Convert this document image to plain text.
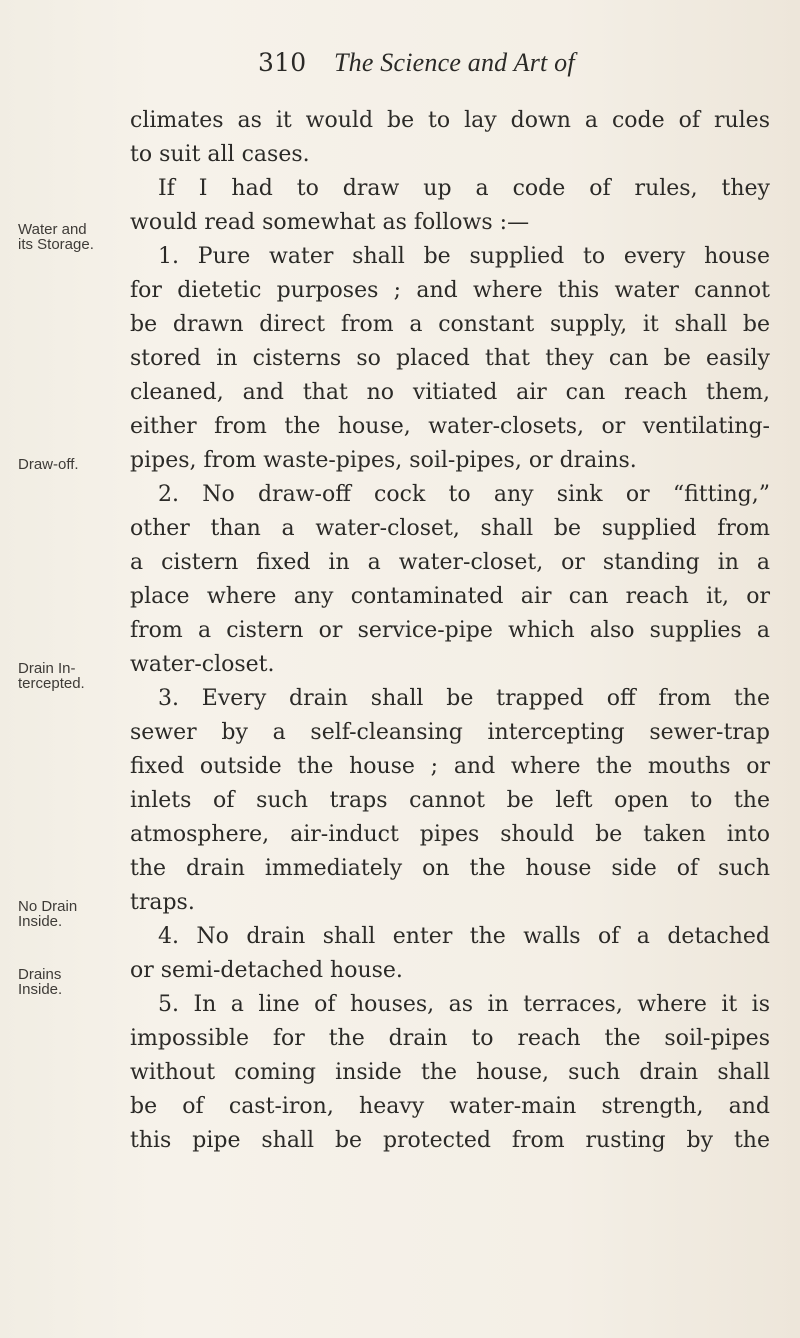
310 The Science and Art of
climates as it would be to lay down a code of rules
to suit all cases.
If I had to draw up a code of rules, they
would read somewhat as follows :—
1. Pure water shall be supplied to every house
for dietetic purposes ; and where this water cannot
be drawn direct from a constant supply, it shall be
stored in cisterns so placed that they can be easily
cleaned, and that no vitiated air can reach them,
either from the house, water-closets, or ventilating-
pipes, from waste-pipes, soil-pipes, or drains.
2. No draw-off cock to any sink or “fitting,”
other than a water-closet, shall be supplied from
a cistern fixed in a water-closet, or standing in a
place where any contaminated air can reach it, or
from a cistern or service-pipe which also supplies a
water-closet.
3. Every drain shall be trapped off from the
sewer by a self-cleansing intercepting sewer-trap
fixed outside the house ; and where the mouths or
inlets of such traps cannot be left open to the
atmosphere, air-induct pipes should be taken into
the drain immediately on the house side of such
traps.
4. No drain shall enter the walls of a detached
or semi-detached house.
5. In a line of houses, as in terraces, where it is
impossible for the drain to reach the soil-pipes
without coming inside the house, such drain shall
be of cast-iron, heavy water-main strength, and
this pipe shall be protected from rusting by the
Water and
its Storage.
Draw-off.
Drain In-
tercepted.
No Drain
Inside.
Drains
Inside.
